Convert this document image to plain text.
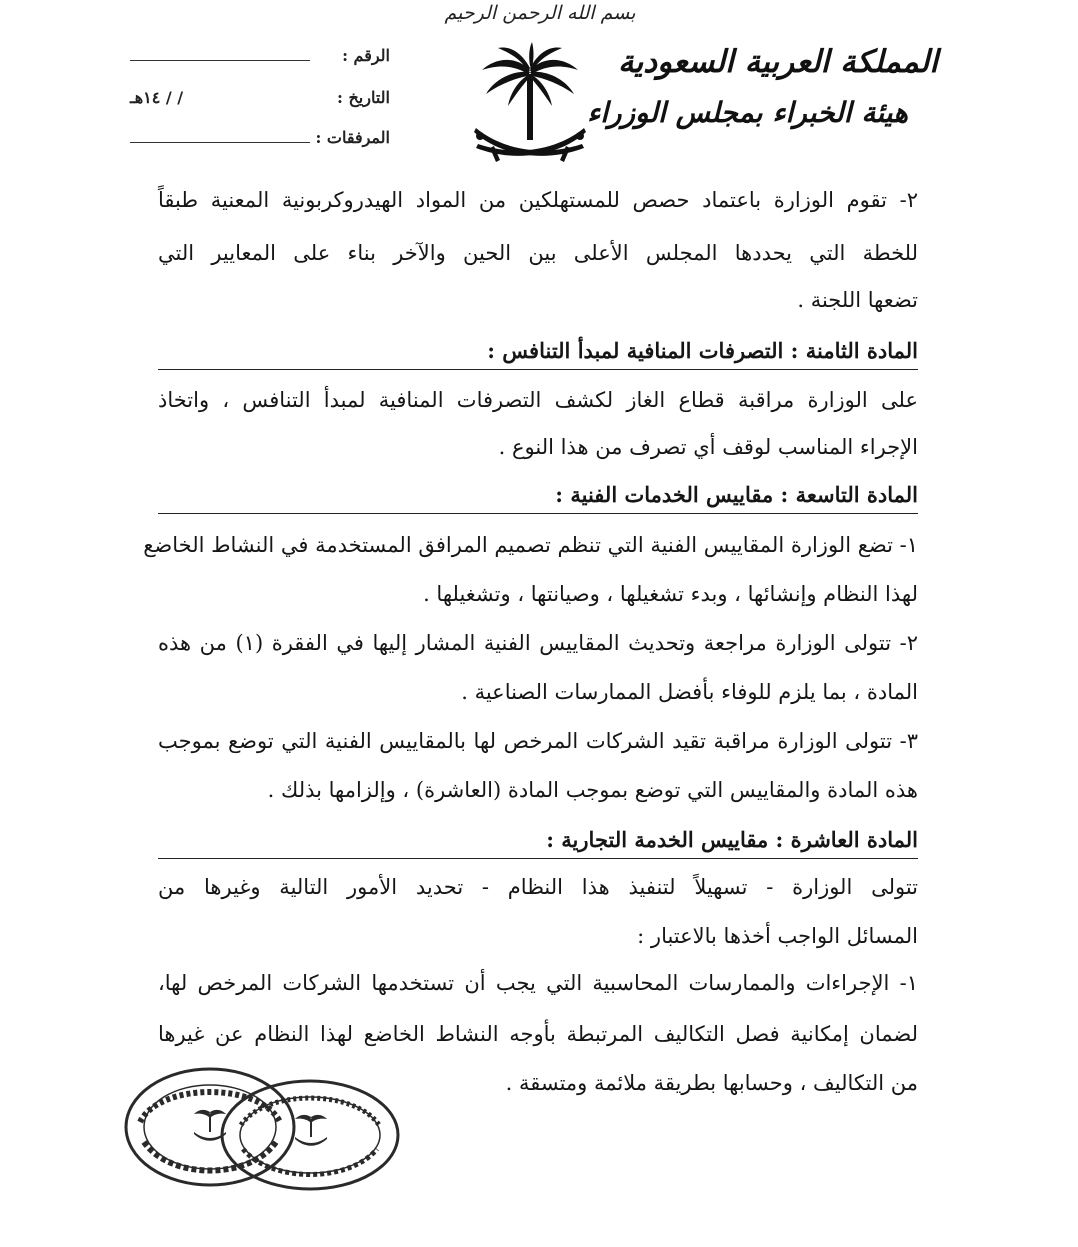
بسم الله الرحمن الرحيم
المملكة العربية السعودية
هيئة الخبراء بمجلس الوزراء
الرقم :
التاريخ :
/ / ١٤هـ
المرفقات :
٢- تقوم الوزارة باعتماد حصص للمستهلكين من المواد الهيدروكربونية المعنية طبقاً
للخطة التي يحددها المجلس الأعلى بين الحين والآخر بناء على المعايير التي
تضعها اللجنة .
المادة الثامنة : التصرفات المنافية لمبدأ التنافس :
على الوزارة مراقبة قطاع الغاز لكشف التصرفات المنافية لمبدأ التنافس ، واتخاذ
الإجراء المناسب لوقف أي تصرف من هذا النوع .
المادة التاسعة : مقاييس الخدمات الفنية :
١- تضع الوزارة المقاييس الفنية التي تنظم تصميم المرافق المستخدمة في النشاط الخاضع
لهذا النظام وإنشائها ، وبدء تشغيلها ، وصيانتها ، وتشغيلها .
٢- تتولى الوزارة مراجعة وتحديث المقاييس الفنية المشار إليها في الفقرة (١) من هذه
المادة ، بما يلزم للوفاء بأفضل الممارسات الصناعية .
٣- تتولى الوزارة مراقبة تقيد الشركات المرخص لها بالمقاييس الفنية التي توضع بموجب
هذه المادة والمقاييس التي توضع بموجب المادة (العاشرة) ، وإلزامها بذلك .
المادة العاشرة : مقاييس الخدمة التجارية :
تتولى الوزارة - تسهيلاً لتنفيذ هذا النظام - تحديد الأمور التالية وغيرها من
المسائل الواجب أخذها بالاعتبار :
١- الإجراءات والممارسات المحاسبية التي يجب أن تستخدمها الشركات المرخص لها،
لضمان إمكانية فصل التكاليف المرتبطة بأوجه النشاط الخاضع لهذا النظام عن غيرها
من التكاليف ، وحسابها بطريقة ملائمة ومتسقة .
